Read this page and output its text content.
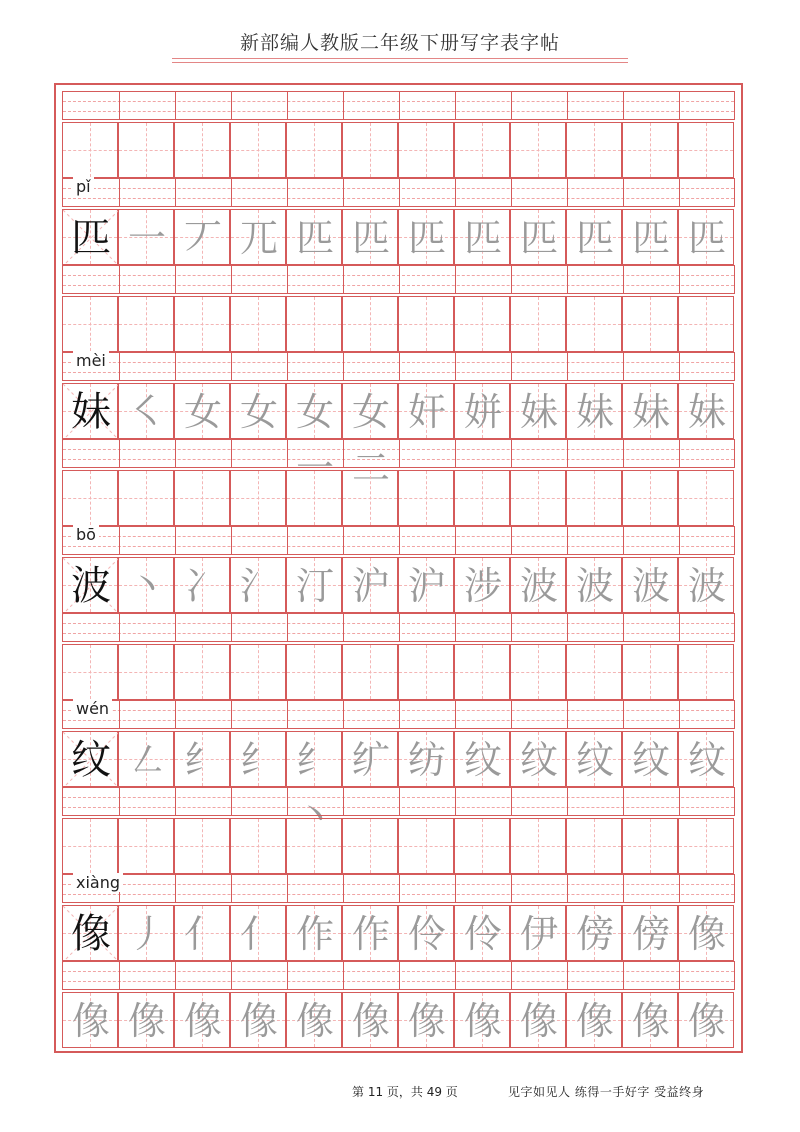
新部编人教版二年级下册写字表字帖
pǐ
匹 一 丆 兀 匹 匹 匹 匹 匹 匹 匹 匹
mèi
妹 ㇛ 女 女 女一
女二
奸 姘 妹 妹 妹 妹
bō
波 丶 冫 氵 汀 沪 沪 涉 波 波 波 波
wén
纹 ㇜ 纟 纟 纟丶
纩 纺 纹 纹 纹 纹 纹
xiàng
像 丿 亻 亻 作 作 伶 伶 伊 傍 傍 像
像 像 像 像 像 像 像 像 像 像 像 像
第 11 页，共 49 页	见字如见人 练得一手好字 受益终身
